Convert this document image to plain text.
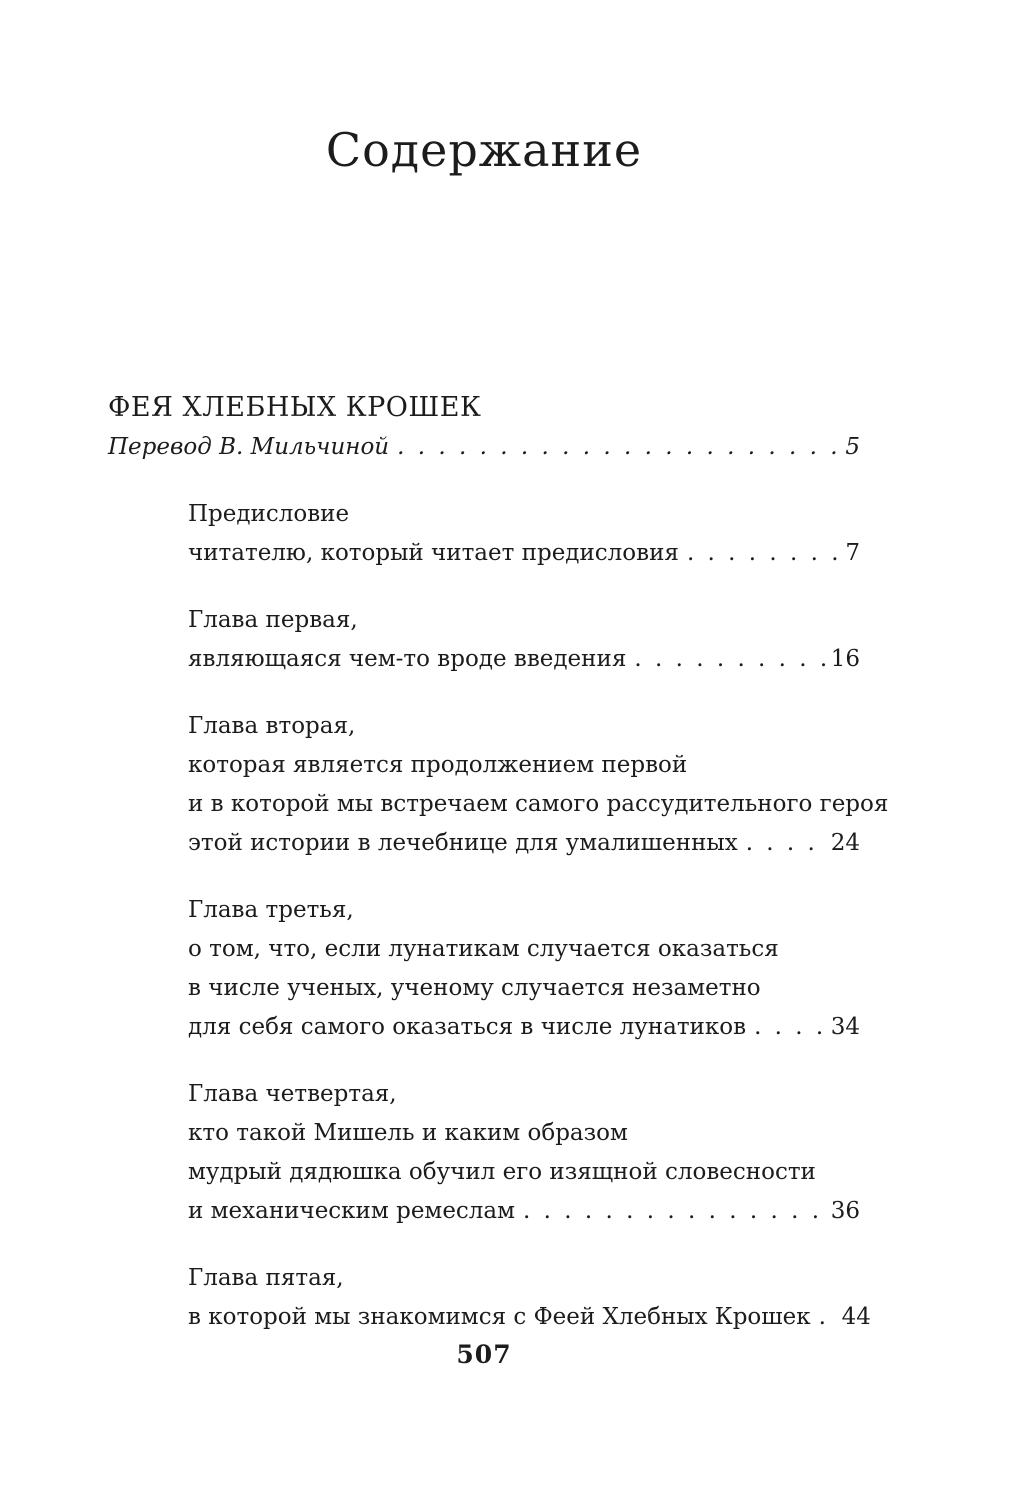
Содержание
ФЕЯ ХЛЕБНЫХ КРОШЕК
Перевод В. Мильчиной . . .	5
Предисловие
читателю, который читает предисловия . . .	7
Глава первая,
являющаяся чем-то вроде введения . . .	16
Глава вторая,
которая является продолжением первой
и в которой мы встречаем самого рассудительного героя
этой истории в лечебнице для умалишенных . . .	24
Глава третья,
о том, что, если лунатикам случается оказаться
в числе ученых, ученому случается незаметно
для себя самого оказаться в числе лунатиков . . .	34
Глава четвертая,
кто такой Мишель и каким образом
мудрый дядюшка обучил его изящной словесности
и механическим ремеслам . . .	36
Глава пятая,
в которой мы знакомимся с Феей Хлебных Крошек . . . 44
507
